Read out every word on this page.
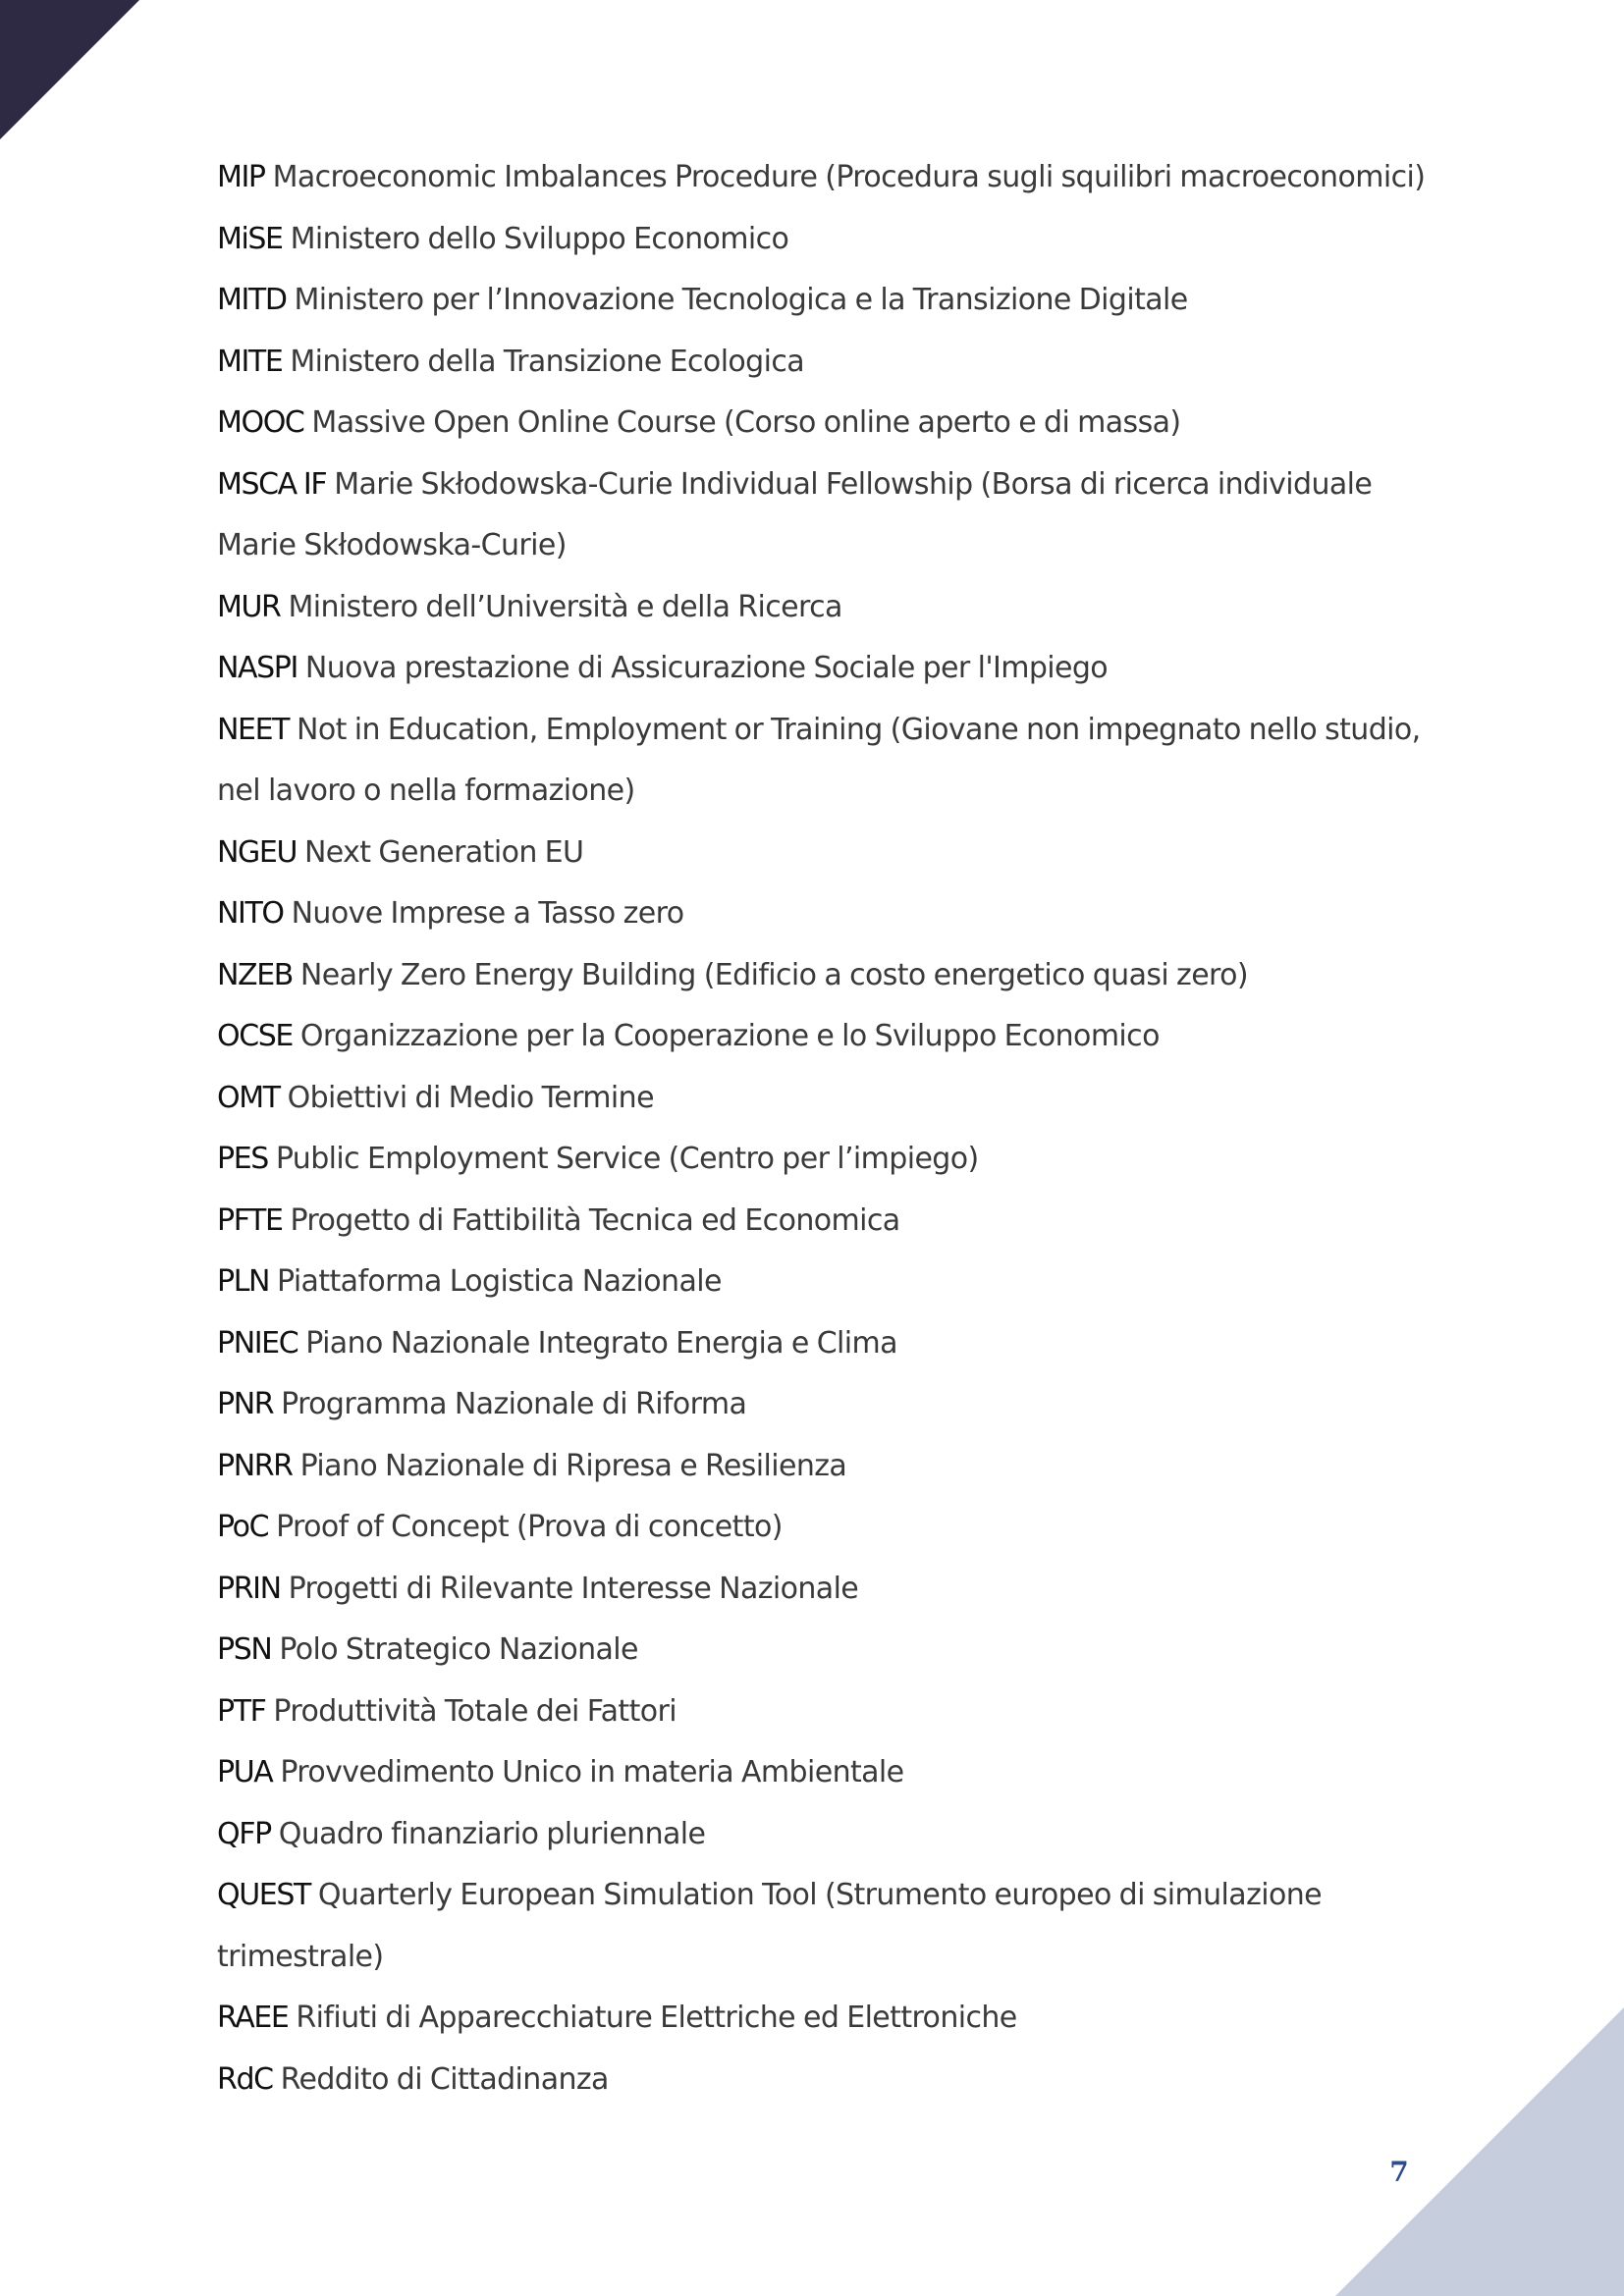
MIP Macroeconomic Imbalances Procedure (Procedura sugli squilibri macroeconomici)
MiSE Ministero dello Sviluppo Economico
MITD Ministero per l’Innovazione Tecnologica e la Transizione Digitale
MITE Ministero della Transizione Ecologica
MOOC Massive Open Online Course (Corso online aperto e di massa)
MSCA IF Marie Skłodowska-Curie Individual Fellowship (Borsa di ricerca individuale Marie Skłodowska-Curie)
MUR Ministero dell’Università e della Ricerca
NASPI Nuova prestazione di Assicurazione Sociale per l'Impiego
NEET Not in Education, Employment or Training (Giovane non impegnato nello studio, nel lavoro o nella formazione)
NGEU Next Generation EU
NITO Nuove Imprese a Tasso zero
NZEB Nearly Zero Energy Building (Edificio a costo energetico quasi zero)
OCSE Organizzazione per la Cooperazione e lo Sviluppo Economico
OMT Obiettivi di Medio Termine
PES Public Employment Service (Centro per l’impiego)
PFTE Progetto di Fattibilità Tecnica ed Economica
PLN Piattaforma Logistica Nazionale
PNIEC Piano Nazionale Integrato Energia e Clima
PNR Programma Nazionale di Riforma
PNRR Piano Nazionale di Ripresa e Resilienza
PoC Proof of Concept (Prova di concetto)
PRIN Progetti di Rilevante Interesse Nazionale
PSN Polo Strategico Nazionale
PTF Produttività Totale dei Fattori
PUA Provvedimento Unico in materia Ambientale
QFP Quadro finanziario pluriennale
QUEST Quarterly European Simulation Tool (Strumento europeo di simulazione trimestrale)
RAEE Rifiuti di Apparecchiature Elettriche ed Elettroniche
RdC Reddito di Cittadinanza
7
